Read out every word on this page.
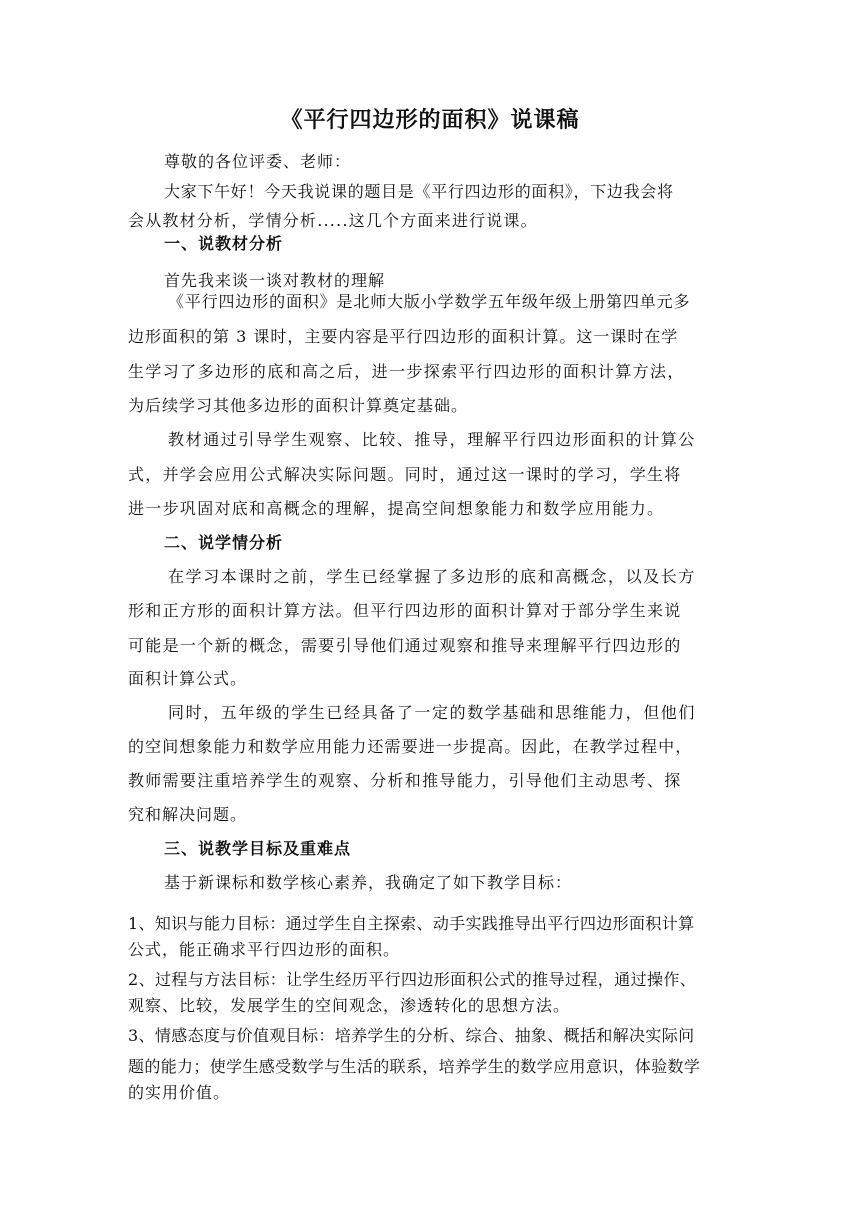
《平行四边形的面积》说课稿

尊敬的各位评委、老师：

大家下午好！今天我说课的题目是《平行四边形的面积》，下边我会将

会从教材分析，学情分析.....这几个方面来进行说课。

一、说教材分析

首先我来谈一谈对教材的理解

《平行四边形的面积》是北师大版小学数学五年级年级上册第四单元多

边形面积的第 3 课时，主要内容是平行四边形的面积计算。这一课时在学

生学习了多边形的底和高之后，进一步探索平行四边形的面积计算方法，

为后续学习其他多边形的面积计算奠定基础。

教材通过引导学生观察、比较、推导，理解平行四边形面积的计算公

式，并学会应用公式解决实际问题。同时，通过这一课时的学习，学生将

进一步巩固对底和高概念的理解，提高空间想象能力和数学应用能力。

二、说学情分析

在学习本课时之前，学生已经掌握了多边形的底和高概念，以及长方

形和正方形的面积计算方法。但平行四边形的面积计算对于部分学生来说

可能是一个新的概念，需要引导他们通过观察和推导来理解平行四边形的

面积计算公式。

同时，五年级的学生已经具备了一定的数学基础和思维能力，但他们

的空间想象能力和数学应用能力还需要进一步提高。因此，在教学过程中，

教师需要注重培养学生的观察、分析和推导能力，引导他们主动思考、探

究和解决问题。

三、说教学目标及重难点

基于新课标和数学核心素养，我确定了如下教学目标：

1、知识与能力目标：通过学生自主探索、动手实践推导出平行四边形面积计算

公式，能正确求平行四边形的面积。

2、过程与方法目标：让学生经历平行四边形面积公式的推导过程，通过操作、

观察、比较，发展学生的空间观念，渗透转化的思想方法。

3、情感态度与价值观目标：培养学生的分析、综合、抽象、概括和解决实际问

题的能力；使学生感受数学与生活的联系，培养学生的数学应用意识，体验数学

的实用价值。
